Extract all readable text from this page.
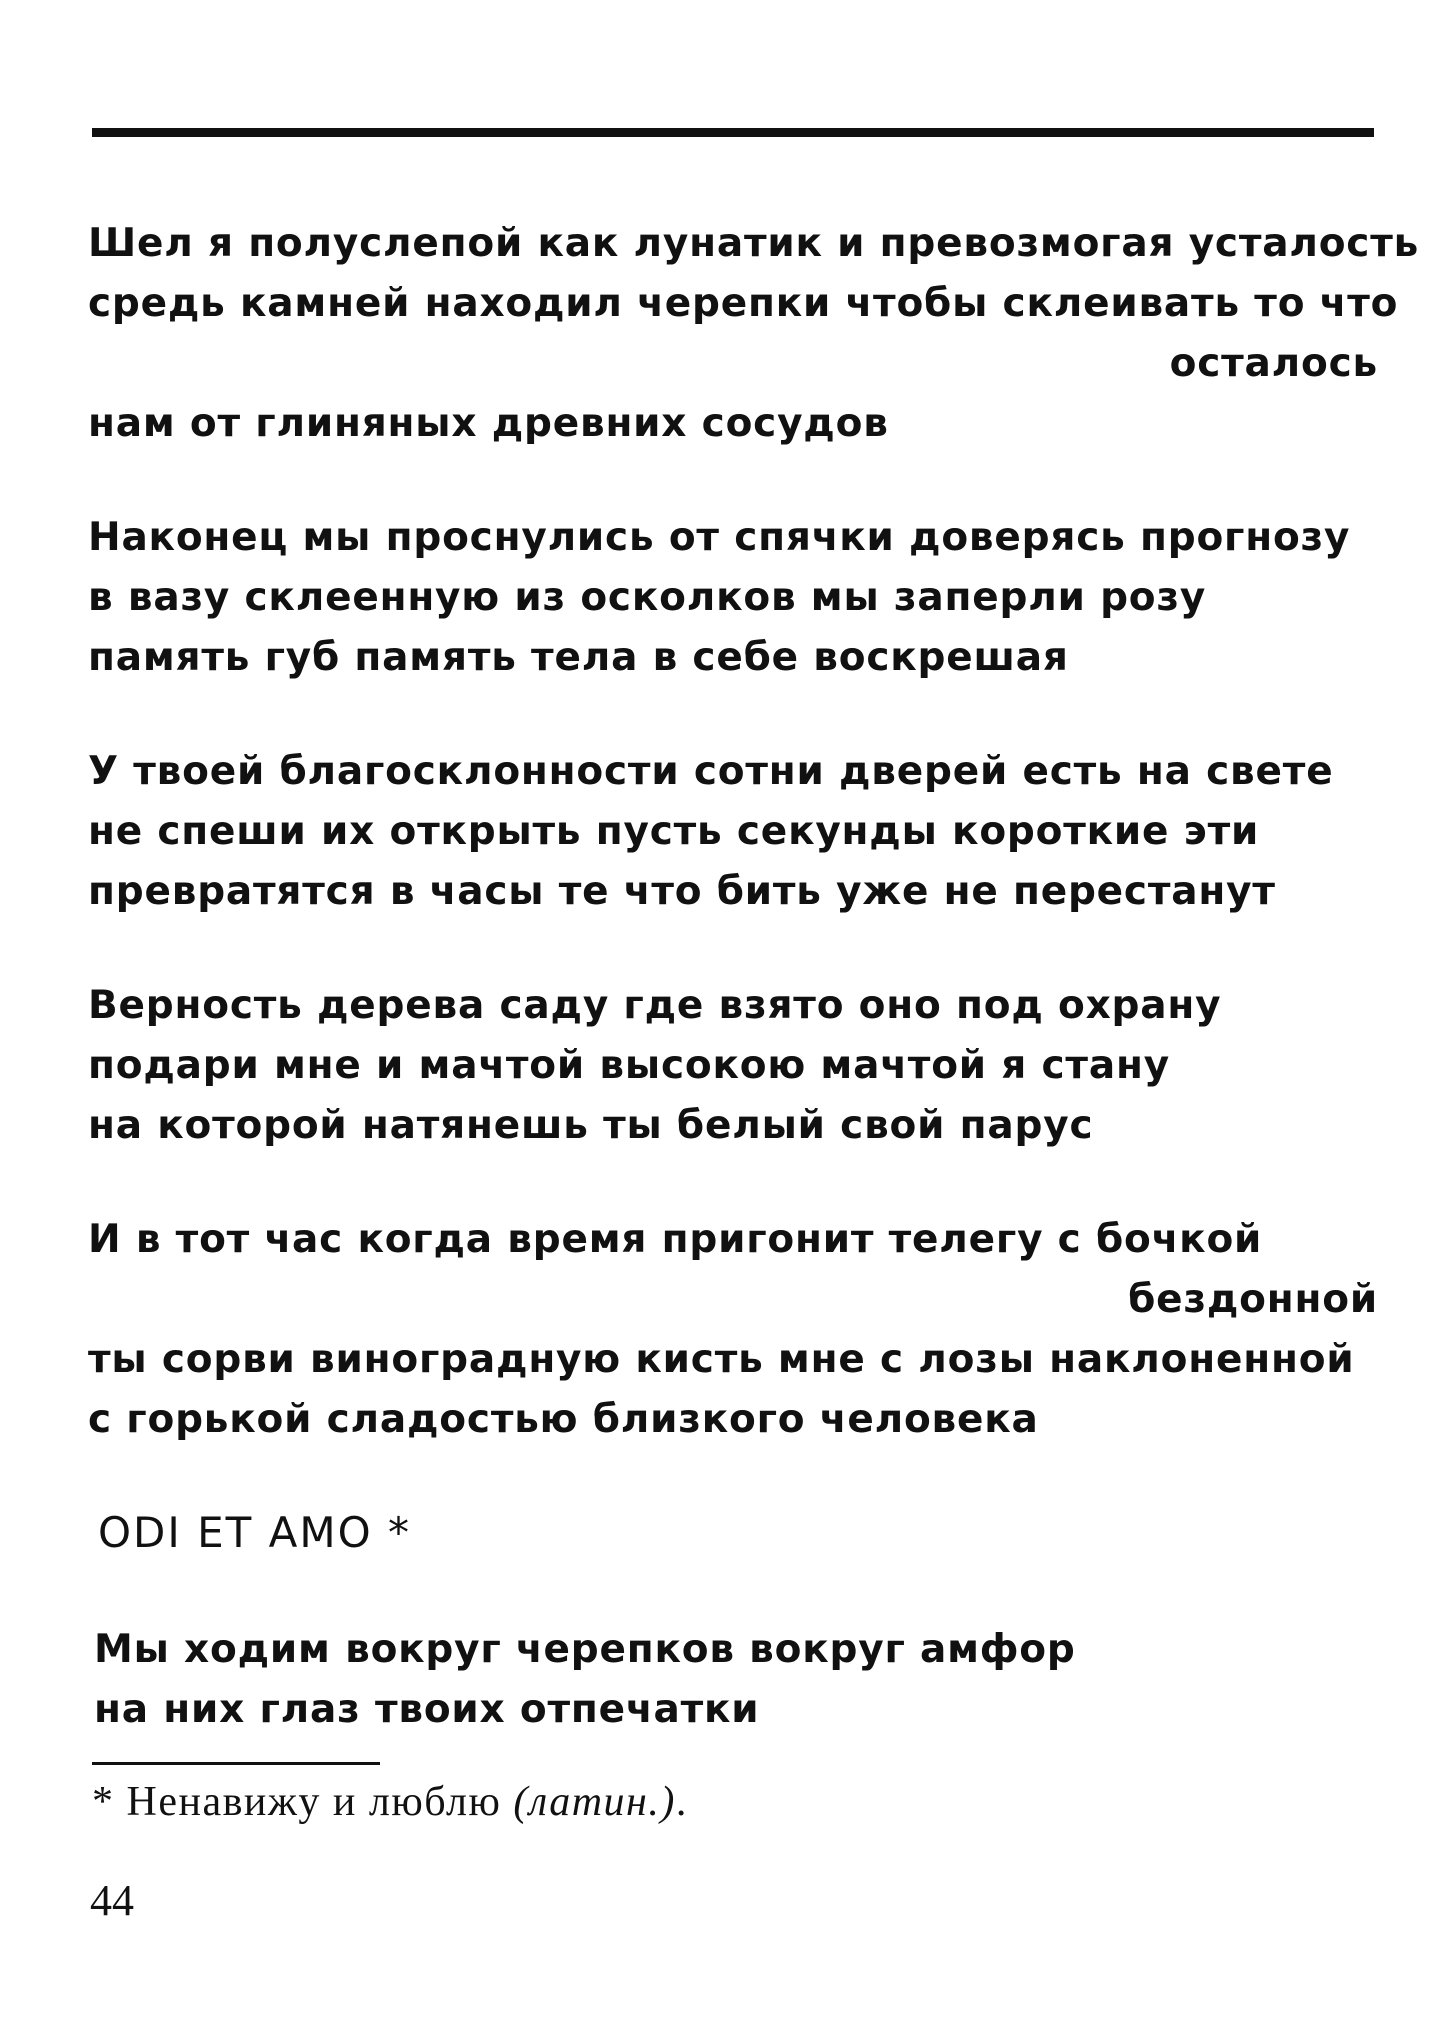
Шел я полуслепой как лунатик и превозмогая усталость
средь камней находил черепки чтобы склеивать то что
осталось
нам от глиняных древних сосудов
Наконец мы проснулись от спячки доверясь прогнозу
в вазу склеенную из осколков мы заперли розу
память губ память тела в себе воскрешая
У твоей благосклонности сотни дверей есть на свете
не спеши их открыть пусть секунды короткие эти
превратятся в часы те что бить уже не перестанут
Верность дерева саду где взято оно под охрану
подари мне и мачтой высокою мачтой я стану
на которой натянешь ты белый свой парус
И в тот час когда время пригонит телегу с бочкой
бездонной
ты сорви виноградную кисть мне с лозы наклоненной
с горькой сладостью близкого человека
ODI ET AMO *
Мы ходим вокруг черепков вокруг амфор
на них глаз твоих отпечатки
* Ненавижу и люблю (латин.).
44
